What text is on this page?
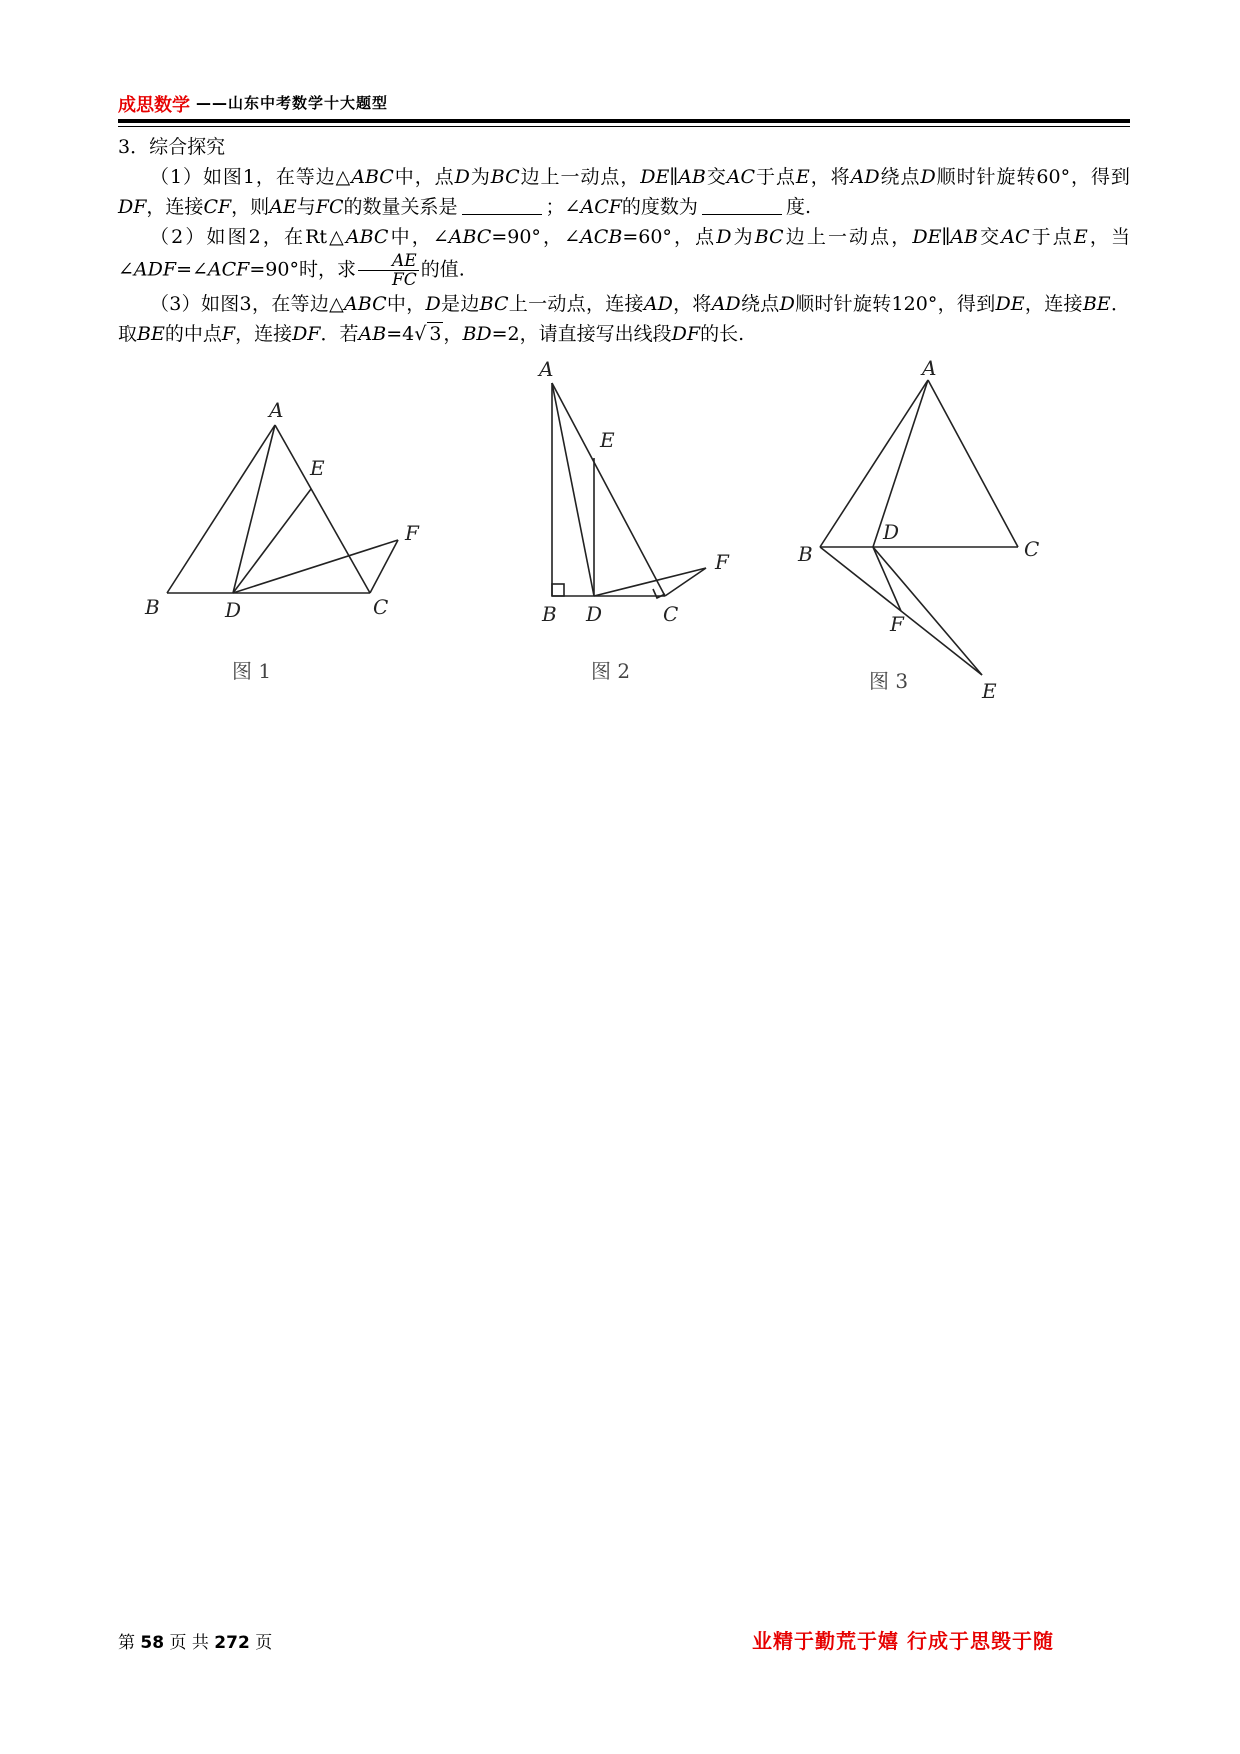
成思数学 ——山东中考数学十大题型

3．综合探究

（1）如图1，在等边△ABC中，点D为BC边上一动点，DE∥AB交AC于点E，将AD绕点D顺时针旋转60°，得到DF，连接CF，则AE与FC的数量关系是	；∠ACF的度数为	度.

（2）如图2，在Rt△ABC中，∠ABC=90°，∠ACB=60°，点D为BC边上一动点，DE∥AB交AC于点E，当∠ADF=∠ACF=90°时，求 $\frac{AE}{FC}$ 的值.

（3）如图3，在等边△ABC中，D是边BC上一动点，连接AD，将AD绕点D顺时针旋转120°，得到DE，连接BE．取BE的中点F，连接DF．若AB=4√ 3 ，BD=2，请直接写出线段DF的长.

A
B	C
D
E
F
图 1
A
B	C
D
E
F
图 2
A
B	C
D
E
F
图 3
第 58 页 共 272 页	业精于勤荒于嬉 行成于思毁于随
